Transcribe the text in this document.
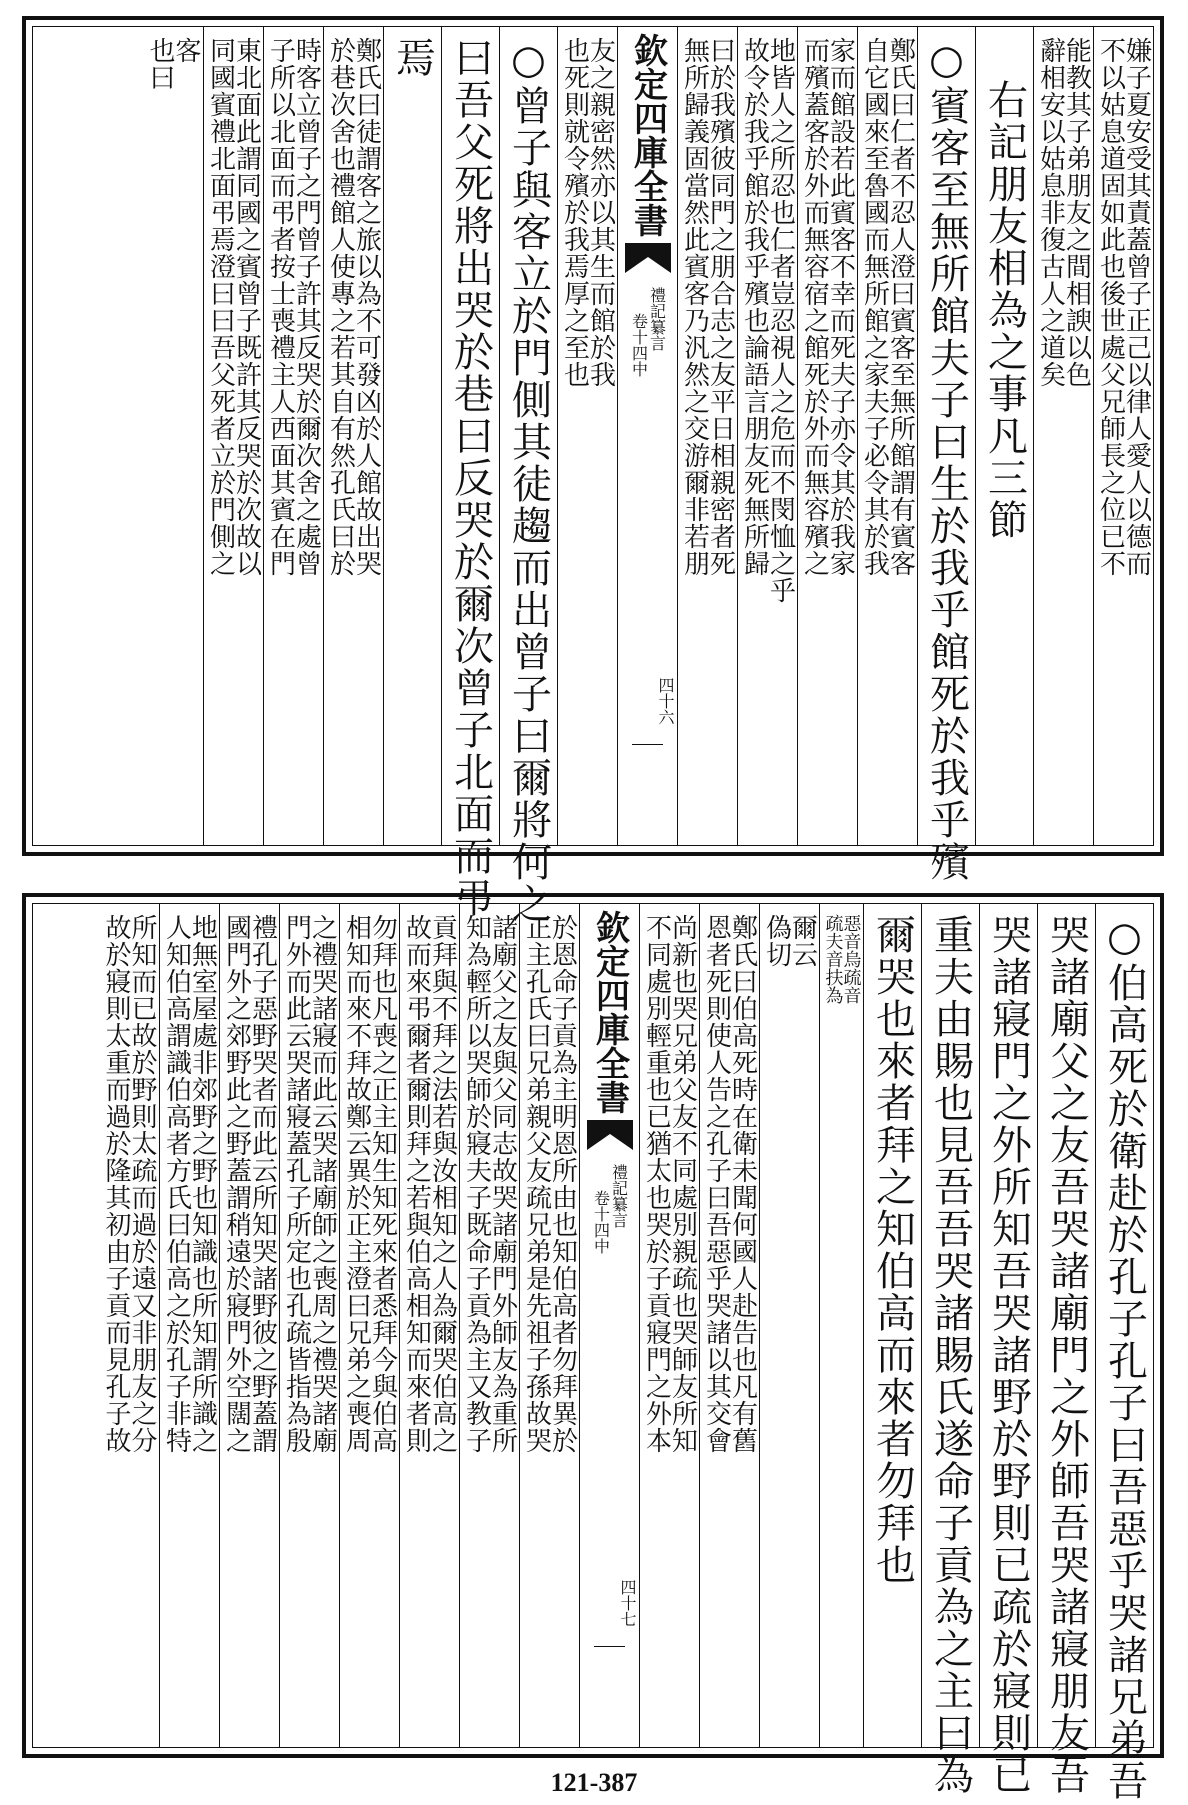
嫌子夏安受其責蓋曾子正己以律人愛人以德而
不以姑息道固如此也後世處父兄師長之位已不
能教其子弟朋友之間相諛以色
辭相安以姑息非復古人之道矣
　右記朋友相為之事凡三節
○賓客至無所館夫子曰生於我乎館死於我乎殯
鄭氏曰仁者不忍人澄曰賓客至無所館謂有賓客
自它國來至魯國而無所館之家夫子必令其於我
家而館設若此賓客不幸而死夫子亦令其於我家
而殯蓋客於外而無容宿之館死於外而無容殯之
地皆人之所忍也仁者豈忍視人之危而不閔恤之乎
故令於我乎館於我乎殯也論語言朋友死無所歸
曰於我殯彼同門之朋合志之友平日相親密者死
無所歸義固當然此賓客乃汎然之交游爾非若朋
欽定四庫全書
禮記纂言
卷十四中
四十六
友之親密然亦以其生而館於我
也死則就令殯於我焉厚之至也
○曾子與客立於門側其徒趨而出曾子曰爾將何之
曰吾父死將出哭於巷曰反哭於爾次曾子北面而弔
焉
鄭氏曰徒謂客之旅以為不可發凶於人館故出哭
於巷次舍也禮館人使專之若其自有然孔氏曰於
時客立曾子之門曾子許其反哭於爾次舍之處曾
子所以北面而弔者按士喪禮主人西面其賓在門
東北面此謂同國之賓曾子既許其反哭於次故以
同國賓禮北面弔焉澄曰曰吾父死者立於門側之
客
也曰
○伯高死於衛赴於孔子孔子曰吾惡乎哭諸兄弟吾
哭諸廟父之友吾哭諸廟門之外師吾哭諸寢朋友吾
哭諸寢門之外所知吾哭諸野於野則已疏於寢則已
重夫由賜也見吾吾哭諸賜氏遂命子貢為之主曰為
爾哭也來者拜之知伯高而來者勿拜也
惡音烏疏音
疏夫音扶為
爾云
偽切
鄭氏曰伯高死時在衛未聞何國人赴告也凡有舊
恩者死則使人告之孔子曰吾惡乎哭諸以其交會
尚新也哭兄弟父友不同處別親疏也哭師友所知
不同處別輕重也已猶太也哭於子貢寢門之外本
欽定四庫全書
禮記纂言
卷十四中
四十七
於恩命子貢為主明恩所由也知伯高者勿拜異於
正主孔氏曰兄弟親父友疏兄弟是先祖子孫故哭
諸廟父之友與父同志故哭諸廟門外師友為重所
知為輕所以哭師於寢夫子既命子貢為主又教子
貢拜與不拜之法若與汝相知之人為爾哭伯高之
故而來弔爾者爾則拜之若與伯高相知而來者則
勿拜也凡喪之正主知生知死來者悉拜今與伯高
相知而來不拜故鄭云異於正主澄曰兄弟之喪周
之禮哭諸寢而此云哭諸廟師之喪周之禮哭諸廟
門外而此云哭諸寢蓋孔子所定也孔疏皆指為殷
禮孔子惡野哭者而此云所知哭諸野彼之野蓋謂
國門外之郊野此之野蓋謂稍遠於寢門外空闊之
地無室屋處非郊野之野也知識也所知謂所識之
人知伯高謂識伯高者方氏曰伯高之於孔子非特
所知而已故於野則太疏而過於遠又非朋友之分
故於寢則太重而過於隆其初由子貢而見孔子故
121-387
